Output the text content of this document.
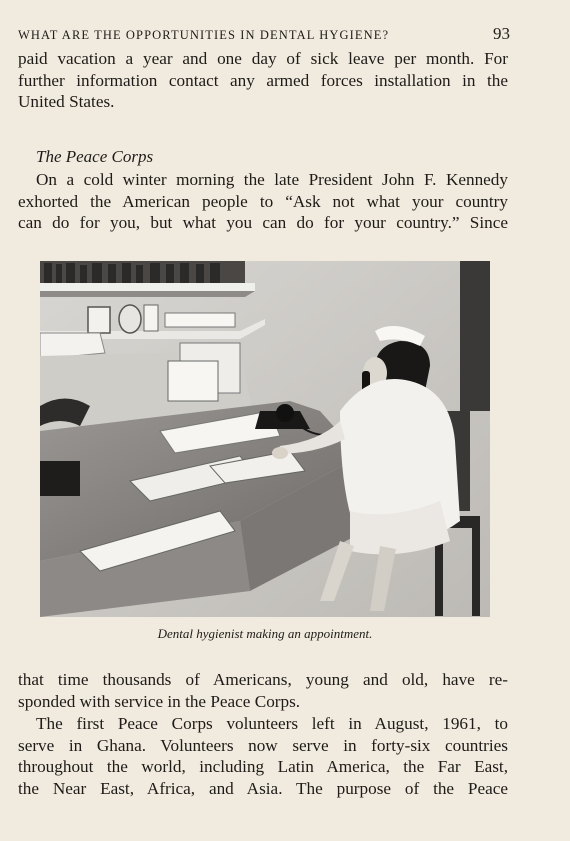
WHAT ARE THE OPPORTUNITIES IN DENTAL HYGIENE?	93

paid vacation a year and one day of sick leave per month. For
further information contact any armed forces installation in the
United States.

The Peace Corps

On a cold winter morning the late President John F. Kennedy
exhorted the American people to “Ask not what your country
can do for you, but what you can do for your country.” Since

Dental hygienist making an appointment.

that time thousands of Americans, young and old, have re-
sponded with service in the Peace Corps.

The first Peace Corps volunteers left in August, 1961, to
serve in Ghana. Volunteers now serve in forty-six countries
throughout the world, including Latin America, the Far East,
the Near East, Africa, and Asia. The purpose of the Peace
